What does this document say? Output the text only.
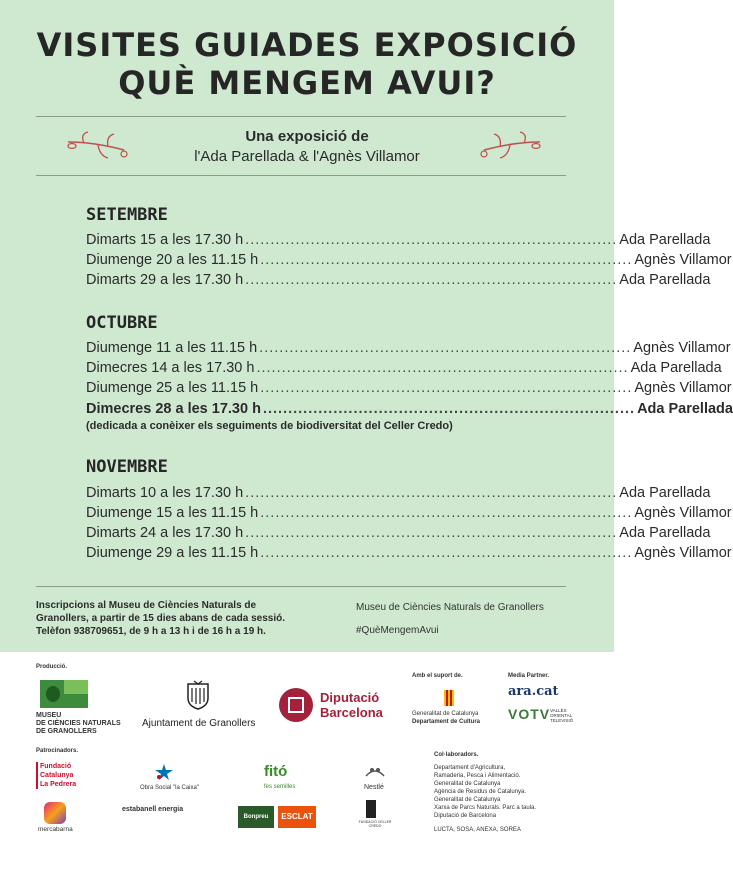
VISITES GUIADES EXPOSICIÓ
QUÈ MENGEM AVUI?
Una exposició de
l'Ada Parellada & l'Agnès Villamor
SETEMBRE
Dimarts 15 a les 17.30 h .......................................................................... Ada Parellada
Diumenge 20 a les 11.15 h .......................................................................... Agnès Villamor
Dimarts 29 a les 17.30 h .......................................................................... Ada Parellada
OCTUBRE
Diumenge 11 a les 11.15 h .......................................................................... Agnès Villamor
Dimecres 14 a les 17.30 h .......................................................................... Ada Parellada
Diumenge 25 a les 11.15 h .......................................................................... Agnès Villamor
Dimecres 28 a les 17.30 h .......................................................................... Ada Parellada
(dedicada a conèixer els seguiments de biodiversitat del Celler Credo)
NOVEMBRE
Dimarts 10 a les 17.30 h .......................................................................... Ada Parellada
Diumenge 15 a les 11.15 h .......................................................................... Agnès Villamor
Dimarts 24 a les 17.30 h .......................................................................... Ada Parellada
Diumenge 29 a les 11.15 h .......................................................................... Agnès Villamor
Inscripcions al Museu de Ciències Naturals de
Granollers, a partir de 15 dies abans de cada sessió.
Telèfon 938709651, de 9 h a 13 h i de 16 h a 19 h.
Museu de Ciències Naturals de Granollers
#QuèMengemAvui
Producció.
MUSEU
DE CIÈNCIES NATURALS
DE GRANOLLERS
Ajuntament de Granollers
Diputació
Barcelona
Amb el suport de.
Generalitat de Catalunya
Departament de Cultura
Media Partner.
ara.cat
VOTV VALLÈS ORIENTAL TELEVISIÓ
Patrocinadors.
Fundació
Catalunya
La Pedrera	Obra Social "la Caixa"
fitó
fes semilles	Nestlé
mercabarna
estabanell energia
Bonpreu	ESCLAT
FUNDACIÓ CELLER CREDO
Col·laboradors.
Departament d'Agricultura,
Ramaderia, Pesca i Alimentació.
Generalitat de Catalunya
Agència de Residus de Catalunya.
Generalitat de Catalunya
Xarxa de Parcs Naturals. Parc a taula.
Diputació de Barcelona
LUCTA, SOSA, ANEXA, SOREA
